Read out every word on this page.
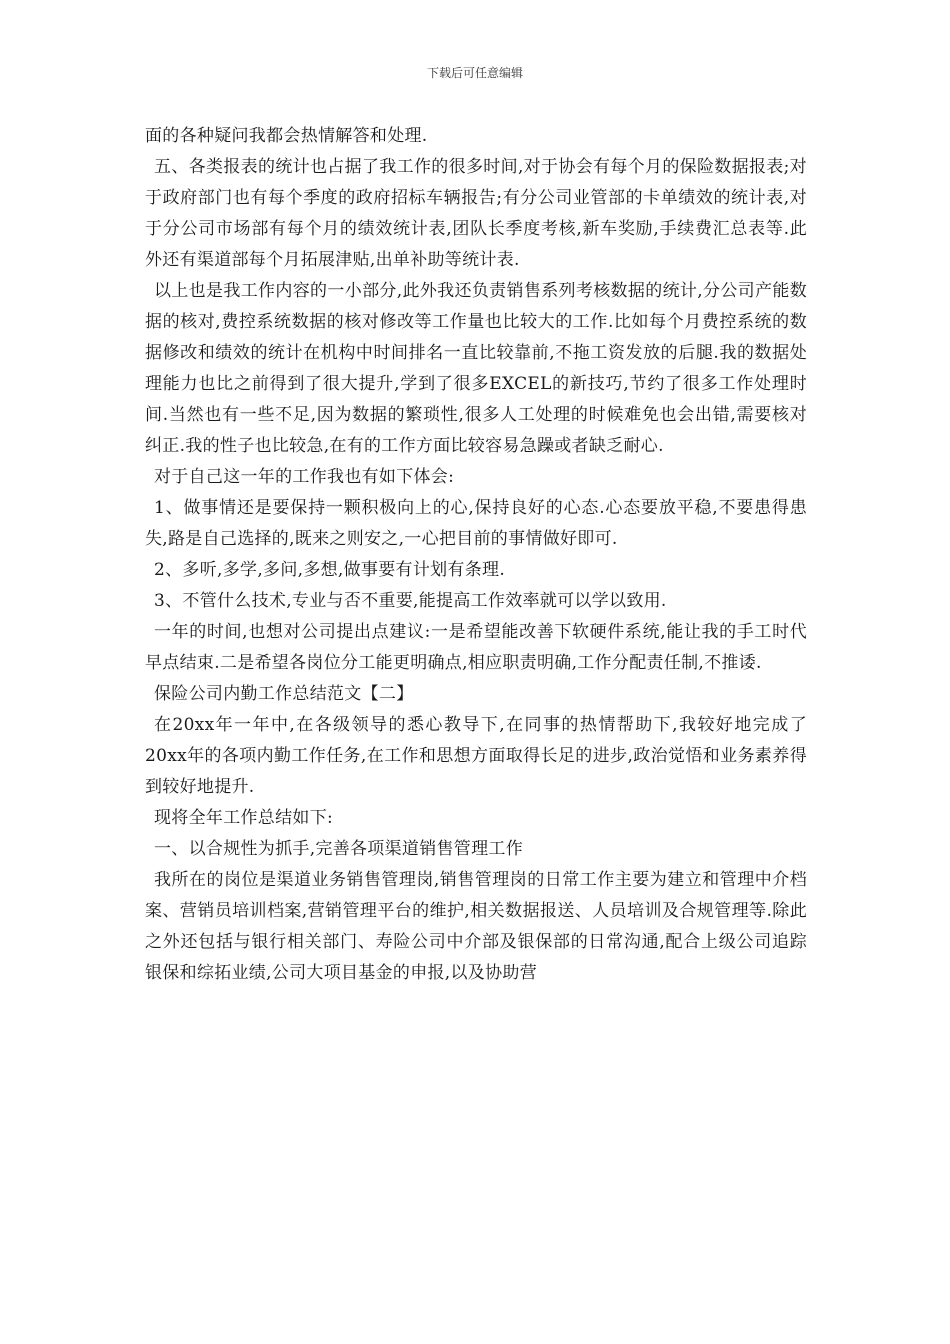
下载后可任意编辑

面的各种疑问我都会热情解答和处理.

五、各类报表的统计也占据了我工作的很多时间,对于协会有每个月的保险数据报表;对于政府部门也有每个季度的政府招标车辆报告;有分公司业管部的卡单绩效的统计表,对于分公司市场部有每个月的绩效统计表,团队长季度考核,新车奖励,手续费汇总表等.此外还有渠道部每个月拓展津贴,出单补助等统计表.

以上也是我工作内容的一小部分,此外我还负责销售系列考核数据的统计,分公司产能数据的核对,费控系统数据的核对修改等工作量也比较大的工作.比如每个月费控系统的数据修改和绩效的统计在机构中时间排名一直比较靠前,不拖工资发放的后腿.我的数据处理能力也比之前得到了很大提升,学到了很多EXCEL的新技巧,节约了很多工作处理时间.当然也有一些不足,因为数据的繁琐性,很多人工处理的时候难免也会出错,需要核对纠正.我的性子也比较急,在有的工作方面比较容易急躁或者缺乏耐心.

对于自己这一年的工作我也有如下体会:

1、做事情还是要保持一颗积极向上的心,保持良好的心态.心态要放平稳,不要患得患失,路是自己选择的,既来之则安之,一心把目前的事情做好即可.

2、多听,多学,多问,多想,做事要有计划有条理.

3、不管什么技术,专业与否不重要,能提高工作效率就可以学以致用.

一年的时间,也想对公司提出点建议:一是希望能改善下软硬件系统,能让我的手工时代早点结束.二是希望各岗位分工能更明确点,相应职责明确,工作分配责任制,不推诿.

保险公司内勤工作总结范文【二】

在20xx年一年中,在各级领导的悉心教导下,在同事的热情帮助下,我较好地完成了20xx年的各项内勤工作任务,在工作和思想方面取得长足的进步,政治觉悟和业务素养得到较好地提升.

现将全年工作总结如下:

一、以合规性为抓手,完善各项渠道销售管理工作

我所在的岗位是渠道业务销售管理岗,销售管理岗的日常工作主要为建立和管理中介档案、营销员培训档案,营销管理平台的维护,相关数据报送、人员培训及合规管理等.除此之外还包括与银行相关部门、寿险公司中介部及银保部的日常沟通,配合上级公司追踪银保和综拓业绩,公司大项目基金的申报,以及协助营
